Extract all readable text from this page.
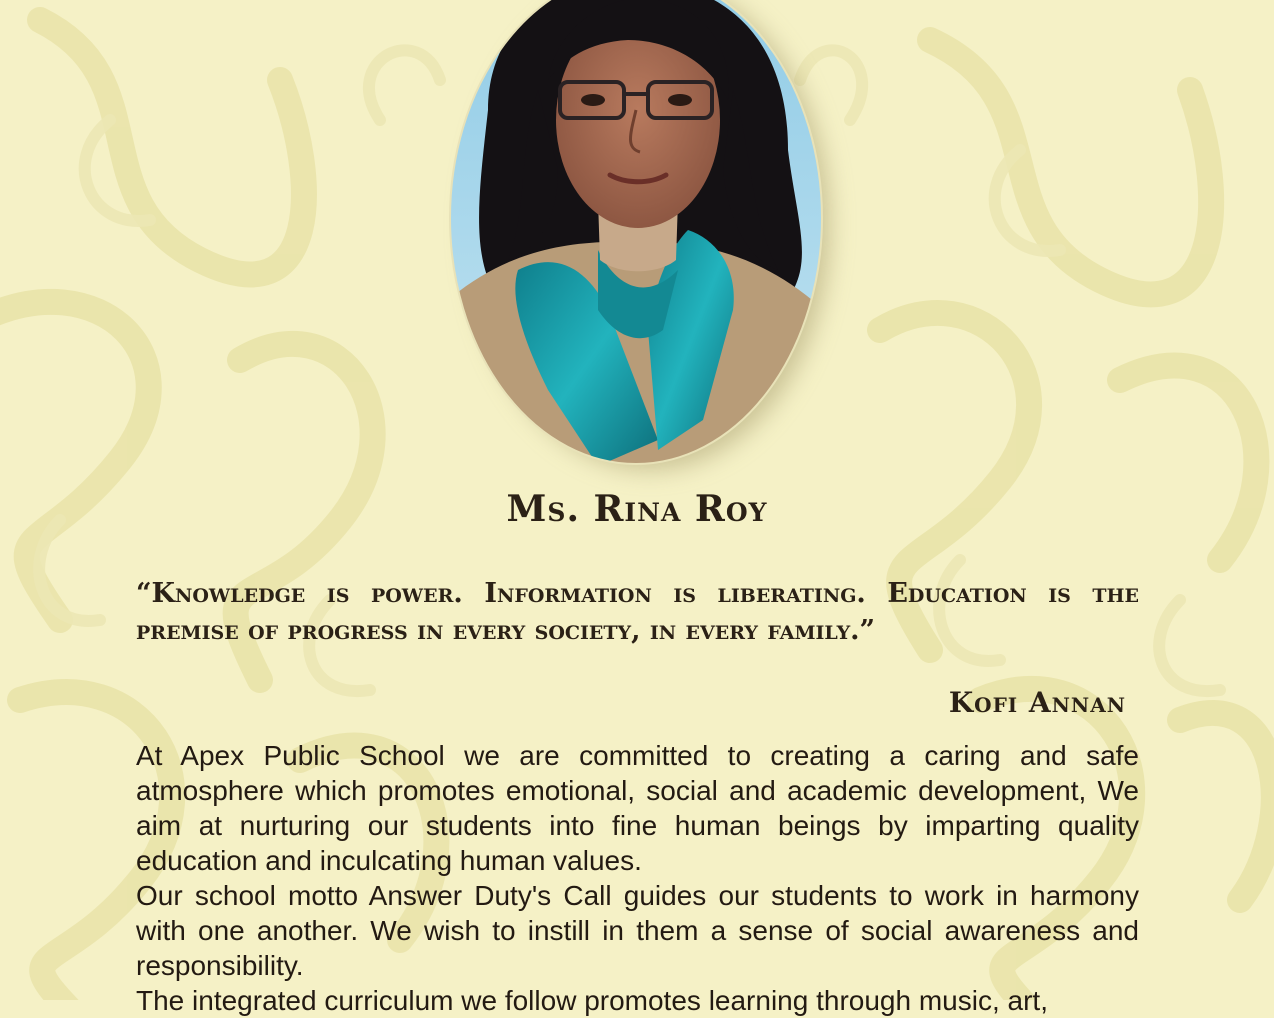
Ms. Rina Roy

“Knowledge is power. Information is liberating. Education is the premise of progress in every society, in every family.”

Kofi Annan

At Apex Public School we are committed to creating a caring and safe atmosphere which promotes emotional, social and academic development, We aim at nurturing our students into fine human beings by imparting quality education and inculcating human values.

Our school motto Answer Duty's Call guides our students to work in harmony with one another. We wish to instill in them a sense of social awareness and responsibility.

The integrated curriculum we follow promotes learning through music, art,
